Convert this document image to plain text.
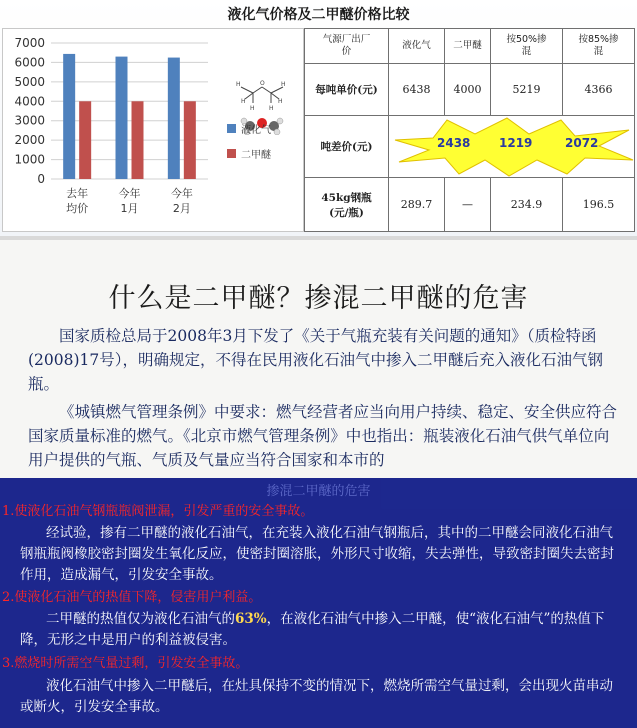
液化气价格及二甲醚价格比较
0
1000
2000
3000
4000
5000
6000
7000
去年
均价
今年
1月
今年
2月
H	O	H
H H
H	H
液化气
二甲醚
气源厂出厂价	液化气	二甲醚	按50%掺混	按85%掺混
每吨单价(元)	6438	4000	5219	4366
吨差价(元)	2438 1219 2072			

45kg钢瓶(元/瓶)	289.7	—	234.9	196.5
什么是二甲醚？掺混二甲醚的危害

国家质检总局于2008年3月下发了《关于气瓶充装有关问题的通知》（质检特函(2008)17号），明确规定，不得在民用液化石油气中掺入二甲醚后充入液化石油气钢瓶。

《城镇燃气管理条例》中要求：燃气经营者应当向用户持续、稳定、安全供应符合国家质量标准的燃气。《北京市燃气管理条例》中也指出：瓶装液化石油气供气单位向用户提供的气瓶、气质及气量应当符合国家和本市的

掺混二甲醚的危害
1.使液化石油气钢瓶瓶阀泄漏，引发严重的安全事故。

经试验，掺有二甲醚的液化石油气，在充装入液化石油气钢瓶后，其中的二甲醚会同液化石油气钢瓶瓶阀橡胶密封圈发生氧化反应，使密封圈溶胀，外形尺寸收缩，失去弹性，导致密封圈失去密封作用，造成漏气，引发安全事故。

2.使液化石油气的热值下降，侵害用户利益。

二甲醚的热值仅为液化石油气的63%，在液化石油气中掺入二甲醚，使“液化石油气”的热值下降，无形之中是用户的利益被侵害。

3.燃烧时所需空气量过剩，引发安全事故。

液化石油气中掺入二甲醚后，在灶具保持不变的情况下，燃烧所需空气量过剩，会出现火苗串动或断火，引发安全事故。
